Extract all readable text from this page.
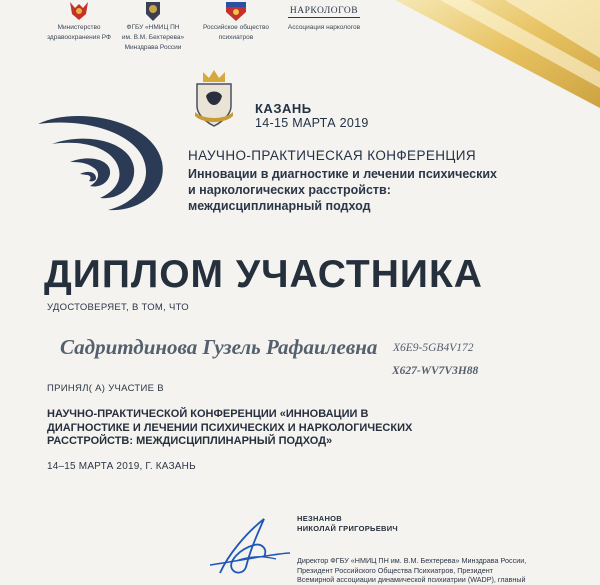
Министерство
здравоохранения РФ
ФГБУ «НМИЦ ПН
им. В.М. Бехтерева»
Минздрава России
Российское общество
психиатров
НАРКОЛОГОВ
Ассоциация наркологов
КАЗАНЬ
14-15 МАРТА 2019
НАУЧНО-ПРАКТИЧЕСКАЯ КОНФЕРЕНЦИЯ
Инновации в диагностике и лечении психических
и наркологических расстройств:
междисциплинарный подход
ДИПЛОМ УЧАСТНИКА
УДОСТОВЕРЯЕТ, В ТОМ, ЧТО
Садритдинова Гузель Рафаилевна X6E9-5GB4V172
X627-WV7V3H88
ПРИНЯЛ( А) УЧАСТИЕ В
НАУЧНО-ПРАКТИЧЕСКОЙ КОНФЕРЕНЦИИ «ИННОВАЦИИ В
ДИАГНОСТИКЕ И ЛЕЧЕНИИ ПСИХИЧЕСКИХ И НАРКОЛОГИЧЕСКИХ
РАССТРОЙСТВ: МЕЖДИСЦИПЛИНАРНЫЙ ПОДХОД»
14–15 МАРТА 2019, Г. КАЗАНЬ
НЕЗНАНОВ
НИКОЛАЙ ГРИГОРЬЕВИЧ
Директор ФГБУ «НМИЦ ПН им. В.М. Бехтерева» Минздрава России,
Президент Российского Общества Психиатров, Президент
Всемирной ассоциации динамической психиатрии (WADP), главный
